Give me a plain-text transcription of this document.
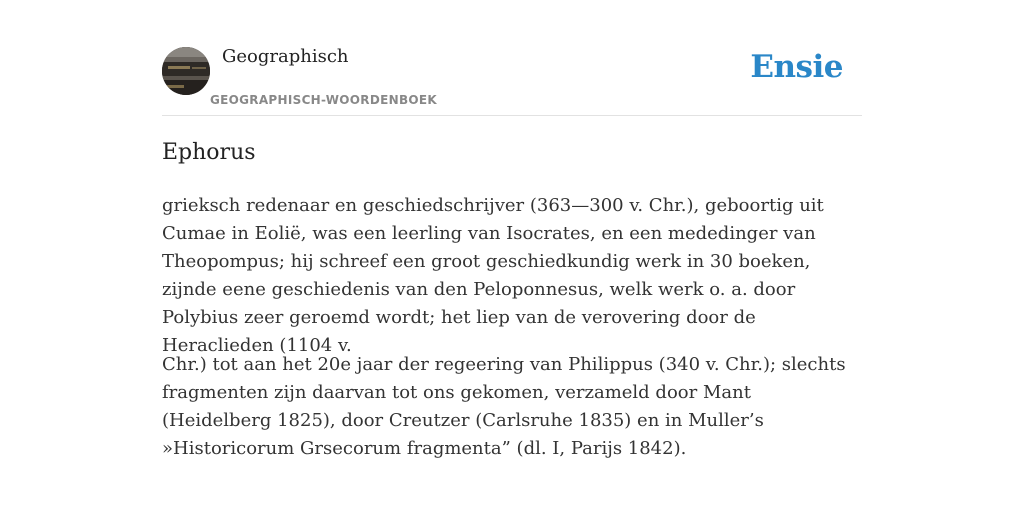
Geographisch
GEOGRAPHISCH-WOORDENBOEK
Ensie
Ephorus

grieksch redenaar en geschiedschrijver (363—300 v. Chr.), geboortig uit Cumae in Eolië, was een leerling van Isocrates, en een mededinger van Theopompus; hij schreef een groot geschiedkundig werk in 30 boeken, zijnde eene geschiedenis van den Peloponnesus, welk werk o. a. door Polybius zeer geroemd wordt; het liep van de verovering door de Heraclieden (1104 v.

Chr.) tot aan het 20e jaar der regeering van Philippus (340 v. Chr.); slechts fragmenten zijn daarvan tot ons gekomen, verzameld door Mant (Heidelberg 1825), door Creutzer (Carlsruhe 1835) en in Muller’s »Historicorum Grsecorum fragmenta” (dl. I, Parijs 1842).
